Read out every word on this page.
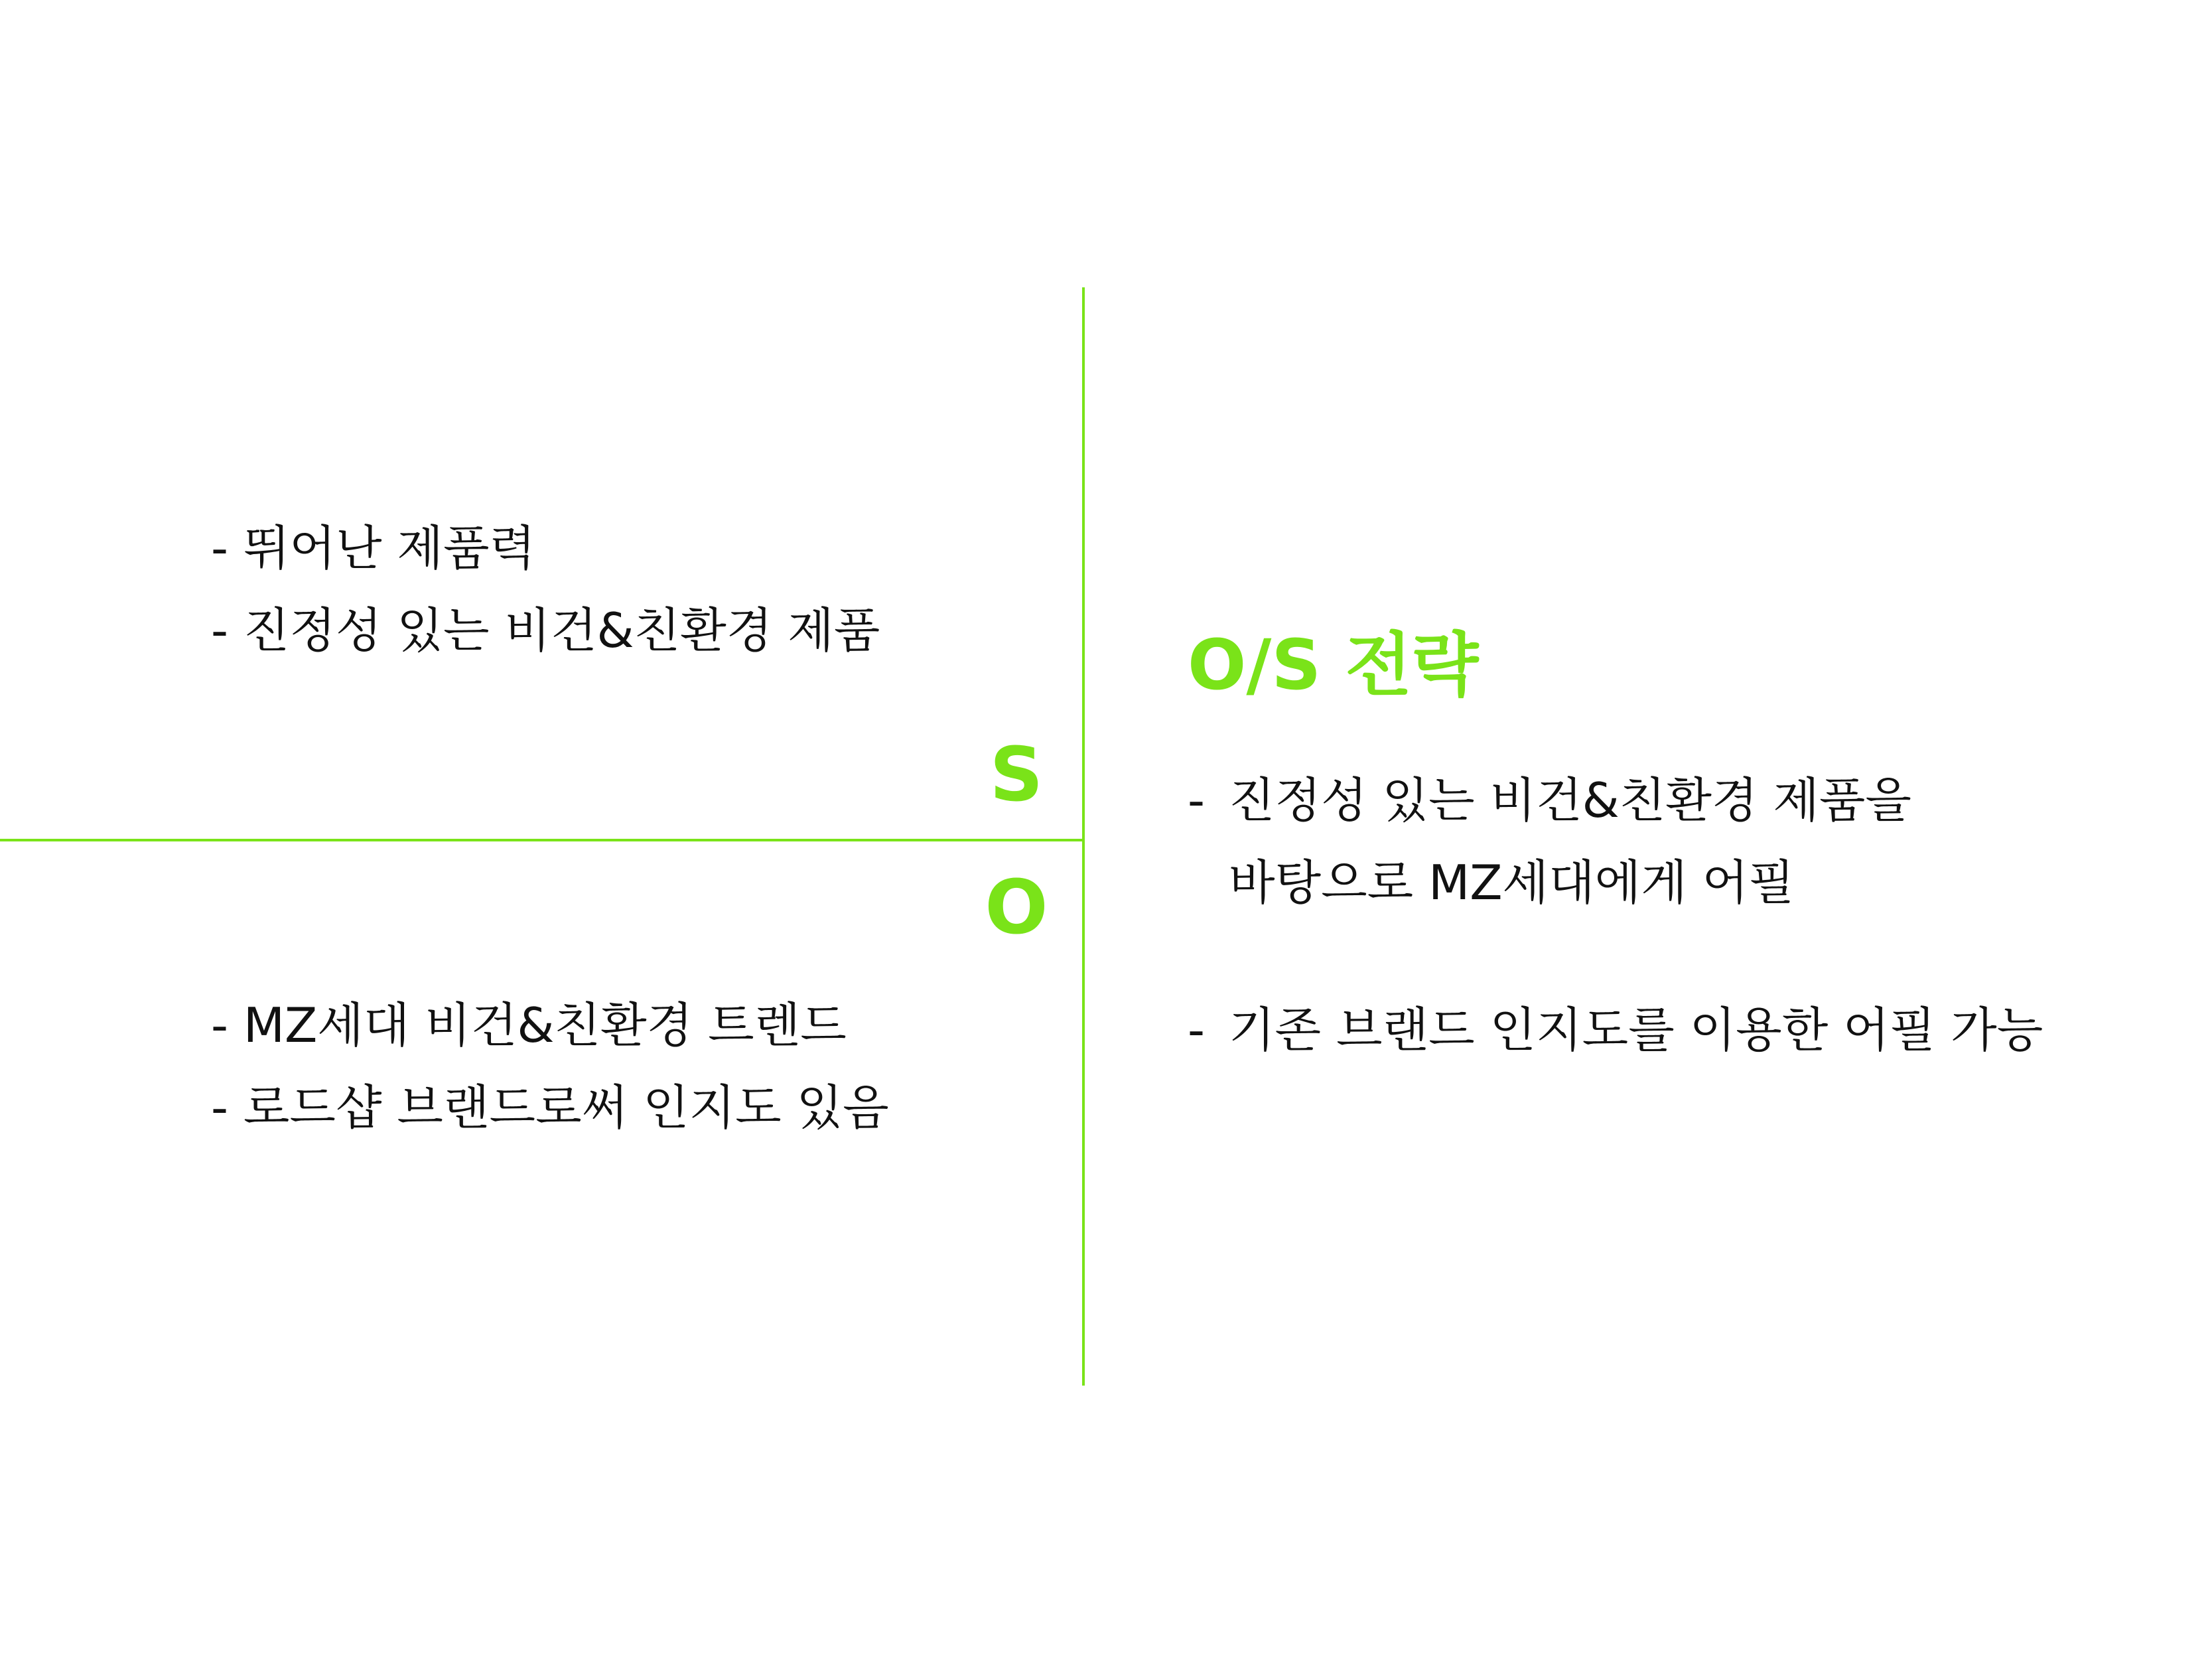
S
O
- 뛰어난 제품력
- 진정성 있는 비건&친환경 제품
- MZ세대 비건&친환경 트렌드
- 로드샵 브랜드로써 인지도 있음
O/S 전략
- 진정성 있는 비건&친환경 제품을
바탕으로 MZ세대에게 어필
- 기존 브랜드 인지도를 이용한 어필 가능
